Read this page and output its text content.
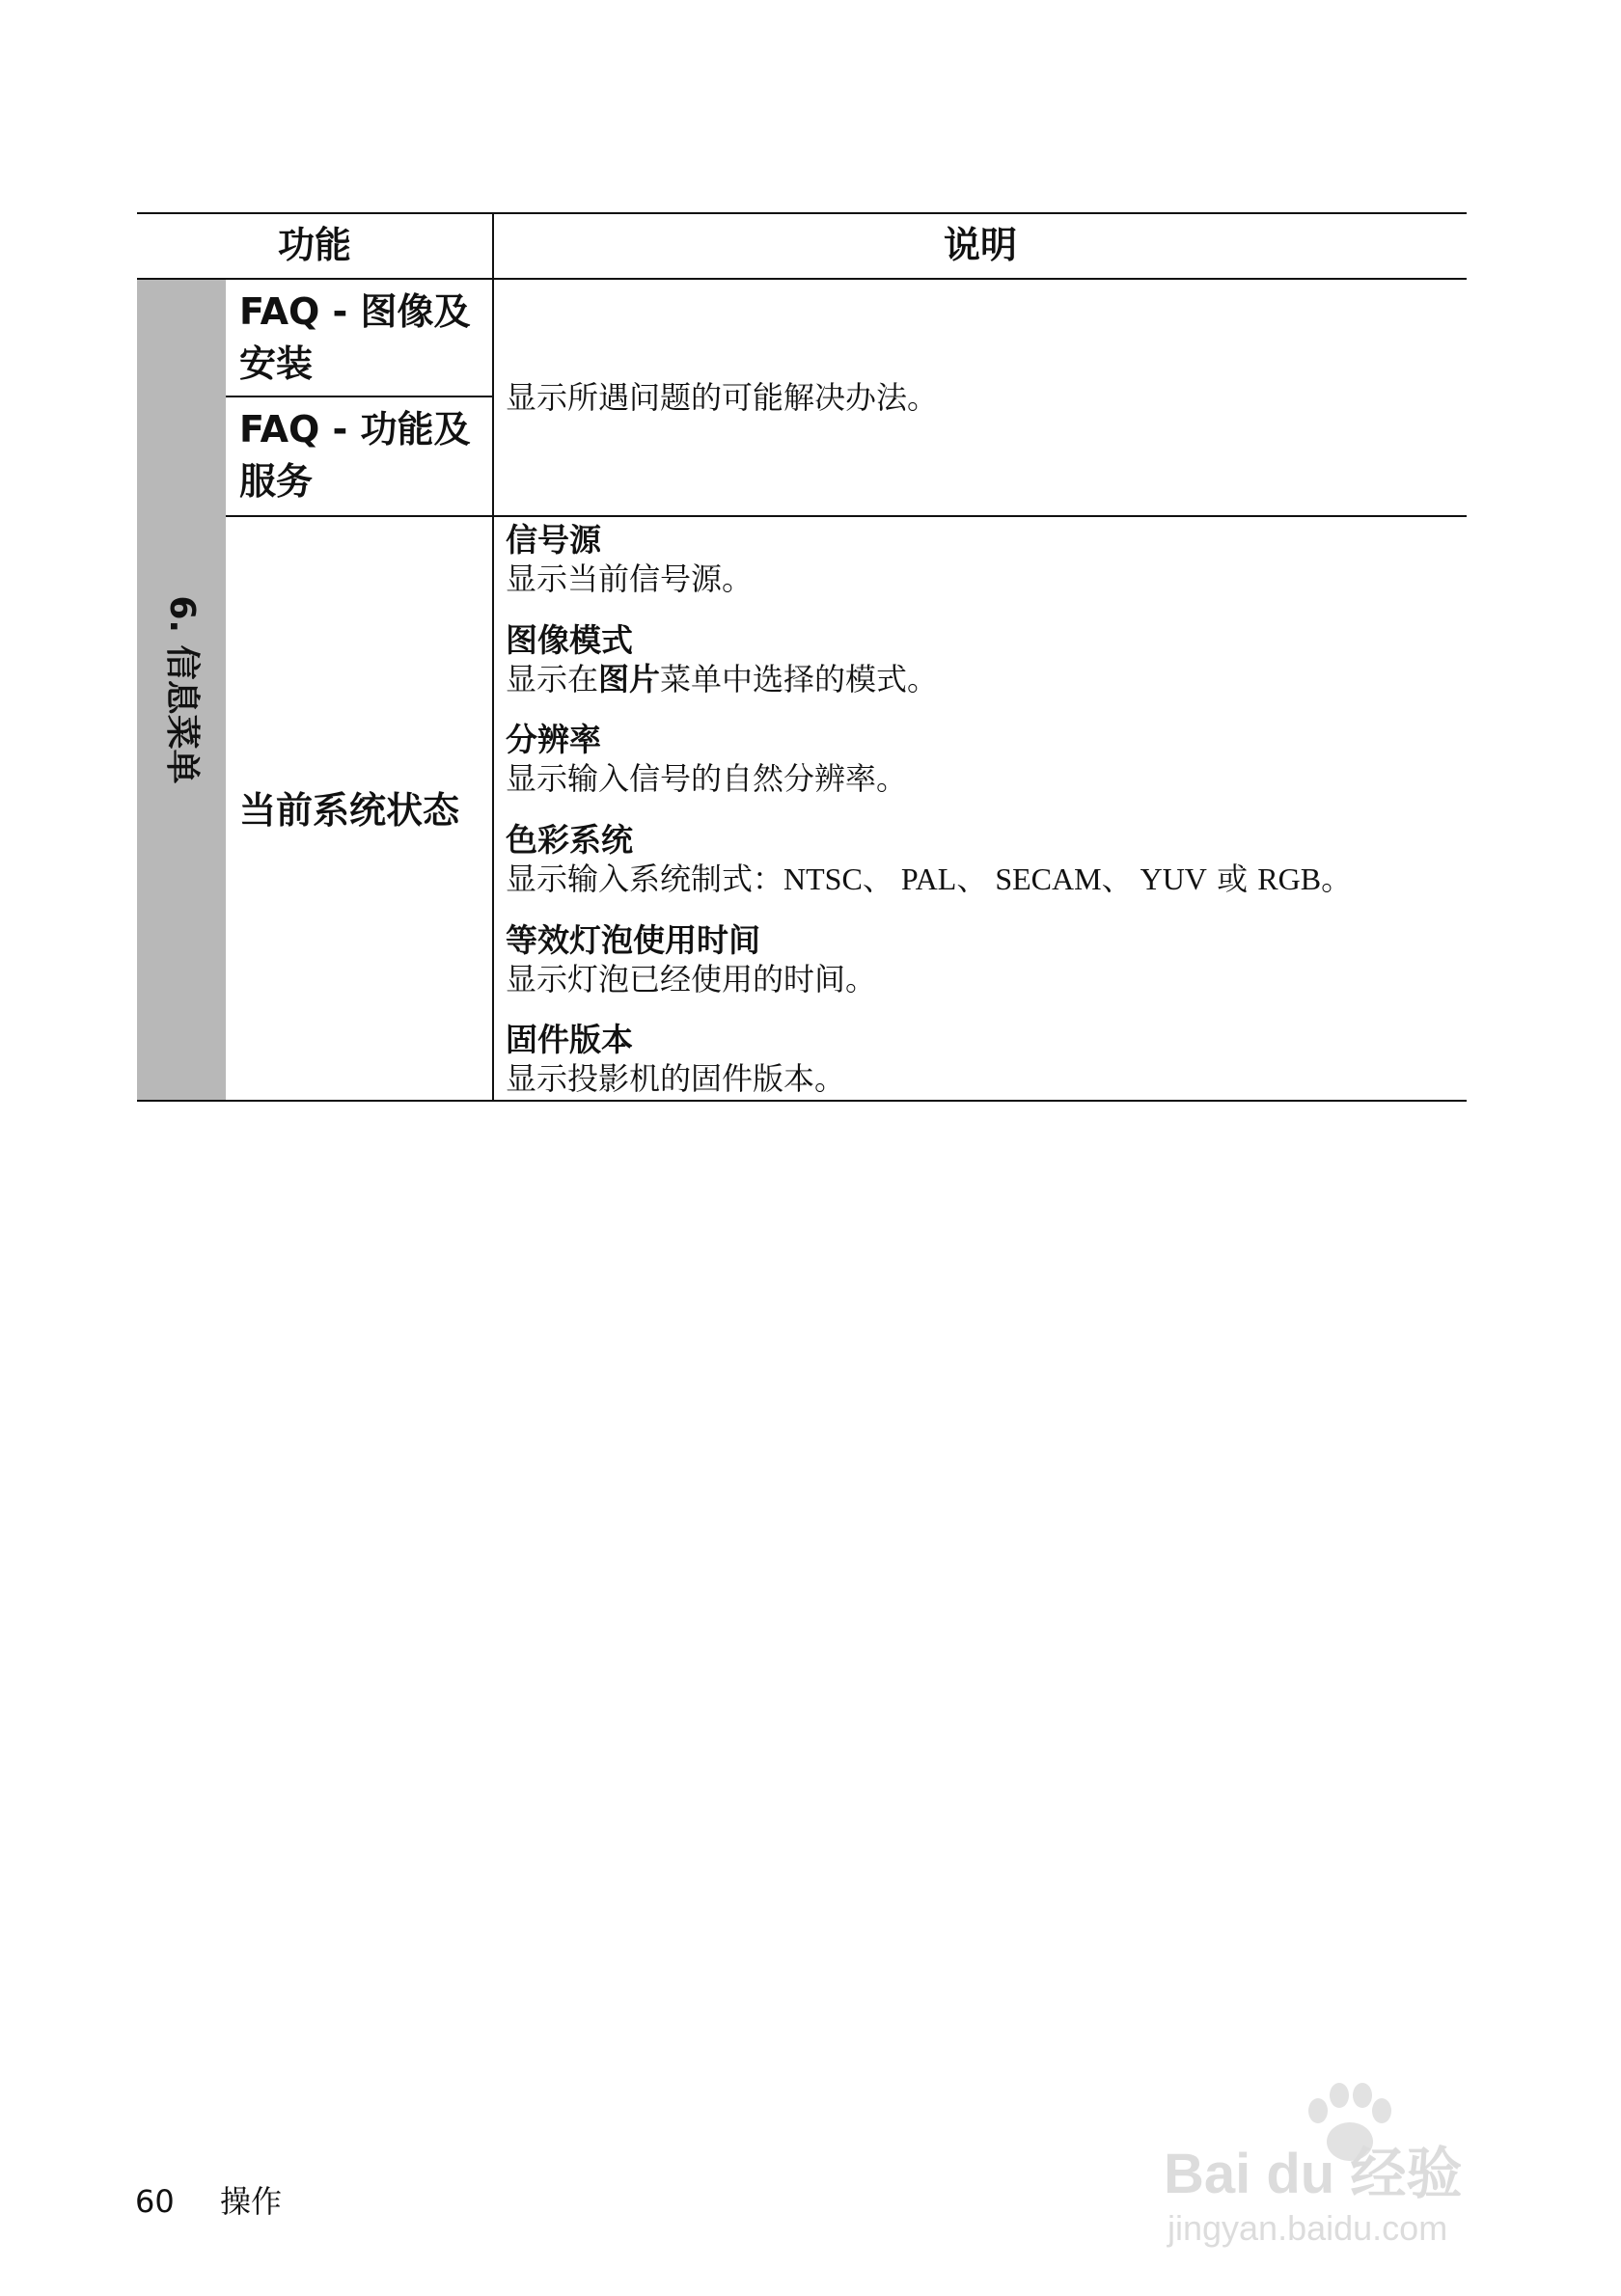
6. 信息菜单
功能	说明
FAQ - 图像及安装
FAQ - 功能及服务
显示所遇问题的可能解决办法。
当前系统状态
信号源
显示当前信号源。
图像模式
显示在图片菜单中选择的模式。
分辨率
显示输入信号的自然分辨率。
色彩系统
显示输入系统制式：NTSC、 PAL、 SECAM、 YUV 或 RGB。
等效灯泡使用时间
显示灯泡已经使用的时间。
固件版本
显示投影机的固件版本。
60 操作	Bai du 经验
jingyan.baidu.com
